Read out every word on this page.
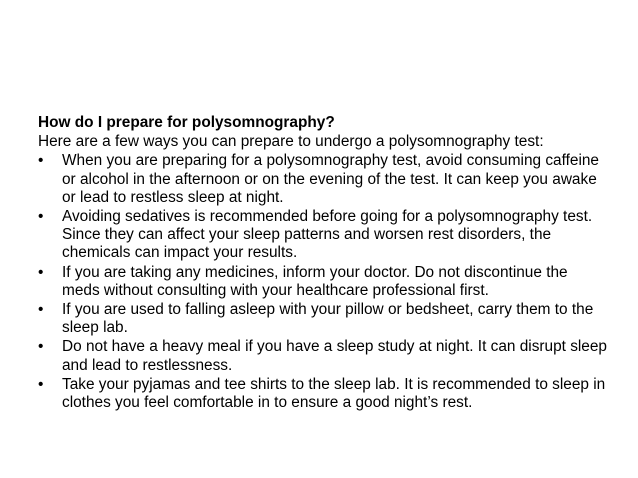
How do I prepare for polysomnography?
Here are a few ways you can prepare to undergo a polysomnography test:
• When you are preparing for a polysomnography test, avoid consuming caffeine or alcohol in the afternoon or on the evening of the test. It can keep you awake or lead to restless sleep at night.
• Avoiding sedatives is recommended before going for a polysomnography test. Since they can affect your sleep patterns and worsen rest disorders, the chemicals can impact your results.
• If you are taking any medicines, inform your doctor. Do not discontinue the meds without consulting with your healthcare professional first.
• If you are used to falling asleep with your pillow or bedsheet, carry them to the sleep lab.
• Do not have a heavy meal if you have a sleep study at night. It can disrupt sleep and lead to restlessness.
• Take your pyjamas and tee shirts to the sleep lab. It is recommended to sleep in clothes you feel comfortable in to ensure a good night’s rest.
